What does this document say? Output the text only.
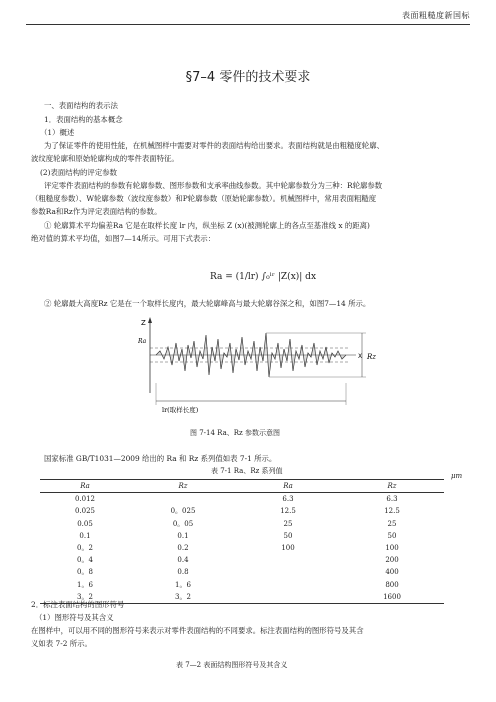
表面粗糙度新国标
§7–4 零件的技术要求
一、表面结构的表示法
1．表面结构的基本概念
（1）概述
为了保证零件的使用性能，在机械图样中需要对零件的表面结构给出要求。表面结构就是由粗糙度轮廓、
波纹度轮廓和原始轮廓构成的零件表面特征。
(2)表面结构的评定参数
评定零件表面结构的参数有轮廓参数、图形参数和支承率曲线参数。其中轮廓参数分为三种：R轮廓参数
（粗糙度参数）、W轮廓参数（波纹度参数）和P轮廓参数（原始轮廓参数）。机械图样中，常用表面粗糙度
参数Ra和Rz作为评定表面结构的参数。
① 轮廓算术平均偏差Ra 它是在取样长度 lr 内，纵坐标 Z (x)(被测轮廓上的各点至基准线 x 的距离)
绝对值的算术平均值，如图7—14所示。可用下式表示：
Ra = (1/lr) ∫₀ˡʳ |Z(x)| dx
② 轮廓最大高度Rz 它是在一个取样长度内，最大轮廓峰高与最大轮廓谷深之和，如图7—14 所示。
Z
X
Ra
Rz
lr(取样长度)
图 7-14 Ra、Rz 参数示意图
国家标准 GB/T1031—2009 给出的 Ra 和 Rz 系列值如表 7-1 所示。
表 7-1 Ra、Rz 系列值
μm
Ra	Rz	Ra	Rz
0.012		6.3	6.3
0.025	0。025	12.5	12.5
0.05	0。05	25	25
0.1	0.1	50	50
0。2	0.2	100	100
0。4	0.4		200
0。8	0.8		400
1。6	1。6		800
3。2	3。2		1600
2．标注表面结构的图形符号
（1）图形符号及其含义
在图样中，可以用不同的图形符号来表示对零件表面结构的不同要求。标注表面结构的图形符号及其含
义如表 7-2 所示。
表 7—2 表面结构图形符号及其含义
